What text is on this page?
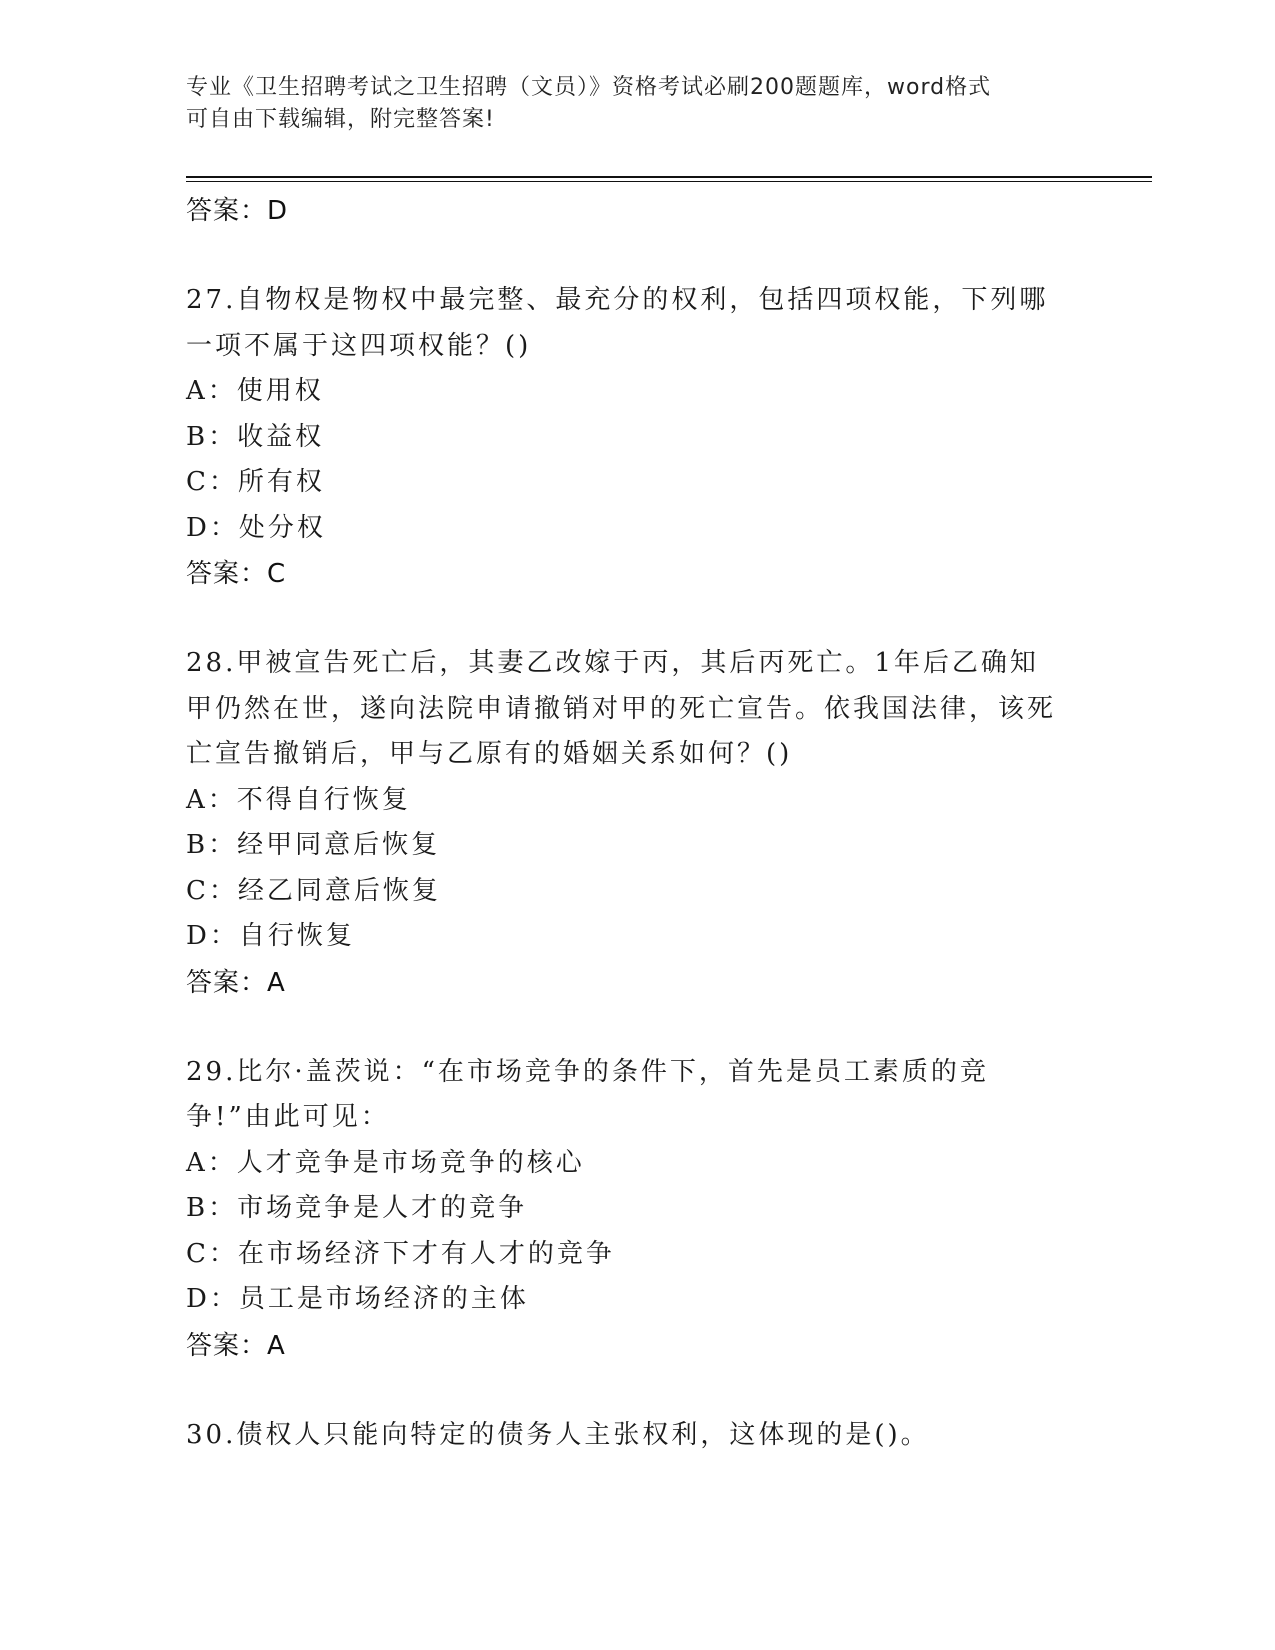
专业《卫生招聘考试之卫生招聘（文员）》资格考试必刷200题题库，word格式
可自由下载编辑，附完整答案!
答案：D
27.自物权是物权中最完整、最充分的权利，包括四项权能，下列哪一项不属于这四项权能？()
A：使用权
B：收益权
C：所有权
D：处分权
答案：C
28.甲被宣告死亡后，其妻乙改嫁于丙，其后丙死亡。1年后乙确知甲仍然在世，遂向法院申请撤销对甲的死亡宣告。依我国法律，该死亡宣告撤销后，甲与乙原有的婚姻关系如何？()
A：不得自行恢复
B：经甲同意后恢复
C：经乙同意后恢复
D：自行恢复
答案：A
29.比尔·盖茨说：“在市场竞争的条件下，首先是员工素质的竞争!”由此可见：
A：人才竞争是市场竞争的核心
B：市场竞争是人才的竞争
C：在市场经济下才有人才的竞争
D：员工是市场经济的主体
答案：A
30.债权人只能向特定的债务人主张权利，这体现的是()。
